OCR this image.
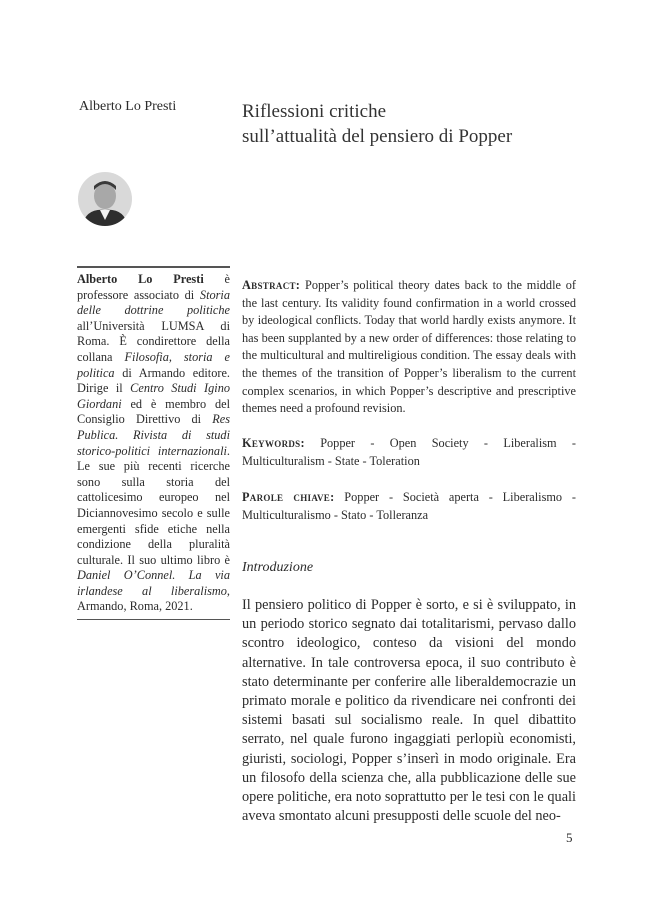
Alberto Lo Presti	Riflessioni critiche
sull’attualità del pensiero di Popper
Alberto Lo Presti è professore associato di Storia delle dottrine politiche all’Università LUMSA di Roma. È condirettore della collana Filosofia, storia e politica di Armando editore. Dirige il Centro Studi Igino Giordani ed è membro del Consiglio Direttivo di Res Publica. Rivista di studi storico-politici internazionali. Le sue più recenti ricerche sono sulla storia del cattolicesimo europeo nel Diciannovesimo secolo e sulle emergenti sfide etiche nella condizione della pluralità culturale. Il suo ultimo libro è Daniel O’Connel. La via irlandese al liberalismo, Armando, Roma, 2021.
Abstract: Popper’s political theory dates back to the middle of the last century. Its validity found confirmation in a world crossed by ideological conflicts. Today that world hardly exists anymore. It has been supplanted by a new order of differences: those relating to the multicultural and multireligious condition. The essay deals with the themes of the transition of Popper’s liberalism to the current complex scenarios, in which Popper’s descriptive and prescriptive themes need a profound revision.
Keywords: Popper - Open Society - Liberalism - Multiculturalism - State - Toleration
Parole chiave: Popper - Società aperta - Liberalismo - Multiculturalismo - Stato - Tolleranza
Introduzione
Il pensiero politico di Popper è sorto, e si è sviluppato, in un periodo storico segnato dai totalitarismi, pervaso dallo scontro ideologico, conteso da visioni del mondo alternative. In tale controversa epoca, il suo contributo è stato determinante per conferire alle liberaldemocrazie un primato morale e politico da rivendicare nei confronti dei sistemi basati sul socialismo reale. In quel dibattito serrato, nel quale furono ingaggiati perlopiù economisti, giuristi, sociologi, Popper s’inserì in modo originale. Era un filosofo della scienza che, alla pubblicazione delle sue opere politiche, era noto soprattutto per le tesi con le quali aveva smontato alcuni presupposti delle scuole del neo-
5
